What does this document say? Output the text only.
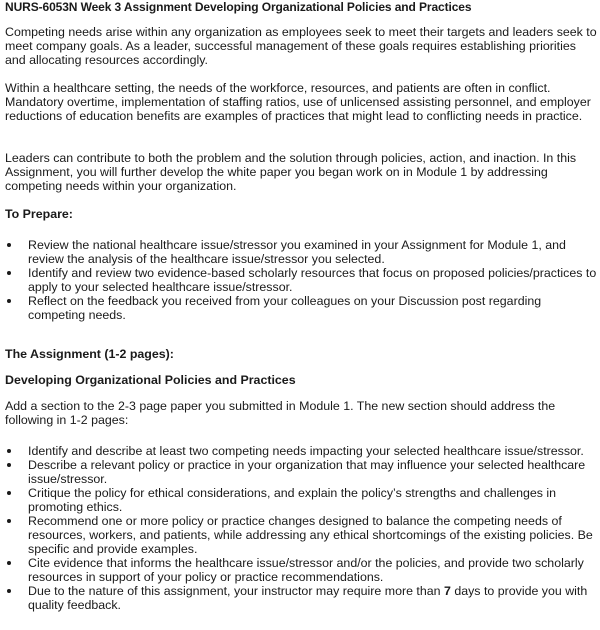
NURS-6053N Week 3 Assignment Developing Organizational Policies and Practices

Competing needs arise within any organization as employees seek to meet their targets and leaders seek to meet company goals. As a leader, successful management of these goals requires establishing priorities and allocating resources accordingly.

Within a healthcare setting, the needs of the workforce, resources, and patients are often in conflict. Mandatory overtime, implementation of staffing ratios, use of unlicensed assisting personnel, and employer reductions of education benefits are examples of practices that might lead to conflicting needs in practice.

Leaders can contribute to both the problem and the solution through policies, action, and inaction. In this Assignment, you will further develop the white paper you began work on in Module 1 by addressing competing needs within your organization.

To Prepare:
Review the national healthcare issue/stressor you examined in your Assignment for Module 1, and review the analysis of the healthcare issue/stressor you selected.
Identify and review two evidence-based scholarly resources that focus on proposed policies/practices to apply to your selected healthcare issue/stressor.
Reflect on the feedback you received from your colleagues on your Discussion post regarding competing needs.
The Assignment (1-2 pages):
Developing Organizational Policies and Practices

Add a section to the 2-3 page paper you submitted in Module 1. The new section should address the following in 1-2 pages:

Identify and describe at least two competing needs impacting your selected healthcare issue/stressor.
Describe a relevant policy or practice in your organization that may influence your selected healthcare issue/stressor.
Critique the policy for ethical considerations, and explain the policy’s strengths and challenges in promoting ethics.
Recommend one or more policy or practice changes designed to balance the competing needs of resources, workers, and patients, while addressing any ethical shortcomings of the existing policies. Be specific and provide examples.
Cite evidence that informs the healthcare issue/stressor and/or the policies, and provide two scholarly resources in support of your policy or practice recommendations.
Due to the nature of this assignment, your instructor may require more than 7 days to provide you with quality feedback.
